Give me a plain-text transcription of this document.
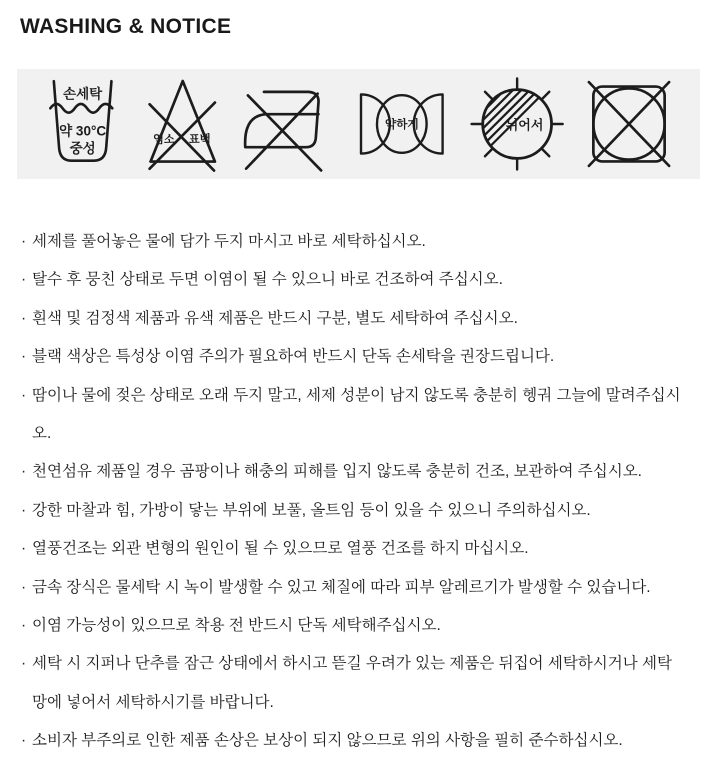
WASHING & NOTICE
손세탁
약 30°C
중성
염소 표백
약하게	뉘어서
· 세제를 풀어놓은 물에 담가 두지 마시고 바로 세탁하십시오.
· 탈수 후 뭉친 상태로 두면 이염이 될 수 있으니 바로 건조하여 주십시오.
· 흰색 및 검정색 제품과 유색 제품은 반드시 구분, 별도 세탁하여 주십시오.
· 블랙 색상은 특성상 이염 주의가 필요하여 반드시 단독 손세탁을 권장드립니다.
· 땀이나 물에 젖은 상태로 오래 두지 말고, 세제 성분이 남지 않도록 충분히 헹궈 그늘에 말려주십시오.
· 천연섬유 제품일 경우 곰팡이나 해충의 피해를 입지 않도록 충분히 건조, 보관하여 주십시오.
· 강한 마찰과 힘, 가방이 닿는 부위에 보풀, 올트임 등이 있을 수 있으니 주의하십시오.
· 열풍건조는 외관 변형의 원인이 될 수 있으므로 열풍 건조를 하지 마십시오.
· 금속 장식은 물세탁 시 녹이 발생할 수 있고 체질에 따라 피부 알레르기가 발생할 수 있습니다.
· 이염 가능성이 있으므로 착용 전 반드시 단독 세탁해주십시오.
· 세탁 시 지퍼나 단추를 잠근 상태에서 하시고 뜯길 우려가 있는 제품은 뒤집어 세탁하시거나 세탁망에 넣어서 세탁하시기를 바랍니다.
· 소비자 부주의로 인한 제품 손상은 보상이 되지 않으므로 위의 사항을 필히 준수하십시오.
